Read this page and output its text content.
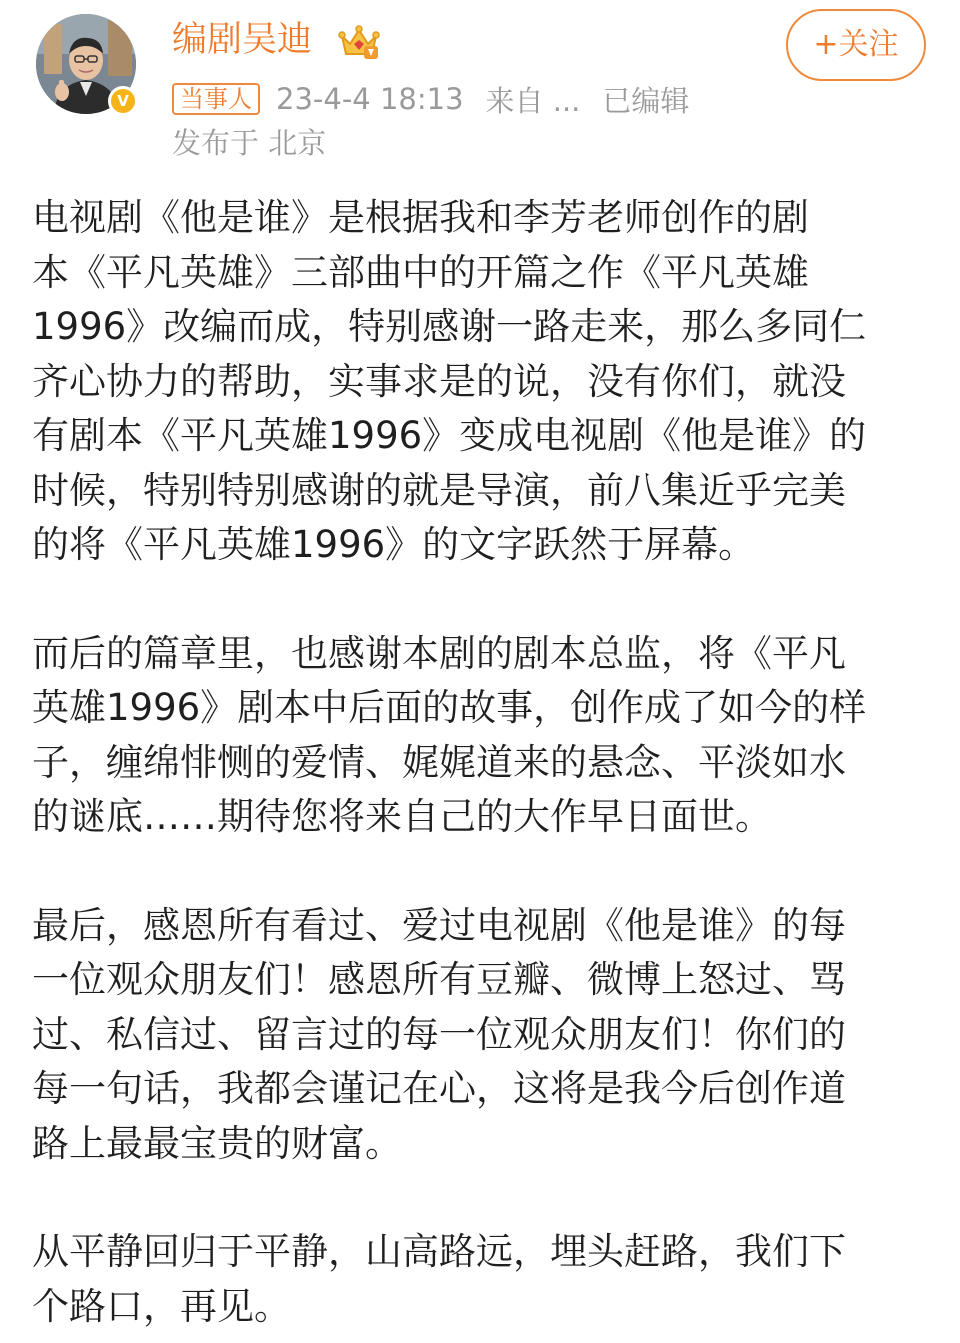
V
编剧吴迪
当事人 23-4-4 18:13 来自 ... 已编辑
发布于 北京
+关注

电视剧《他是谁》是根据我和李芳老师创作的剧

本《平凡英雄》三部曲中的开篇之作《平凡英雄

1996》改编而成，特别感谢一路走来，那么多同仁

齐心协力的帮助，实事求是的说，没有你们，就没

有剧本《平凡英雄1996》变成电视剧《他是谁》的

时候，特别特别感谢的就是导演，前八集近乎完美

的将《平凡英雄1996》的文字跃然于屏幕。

而后的篇章里，也感谢本剧的剧本总监，将《平凡

英雄1996》剧本中后面的故事，创作成了如今的样

子，缠绵悱恻的爱情、娓娓道来的悬念、平淡如水

的谜底……期待您将来自己的大作早日面世。

最后，感恩所有看过、爱过电视剧《他是谁》的每

一位观众朋友们！感恩所有豆瓣、微博上怒过、骂

过、私信过、留言过的每一位观众朋友们！你们的

每一句话，我都会谨记在心，这将是我今后创作道

路上最最宝贵的财富。

从平静回归于平静，山高路远，埋头赶路，我们下

个路口，再见。
